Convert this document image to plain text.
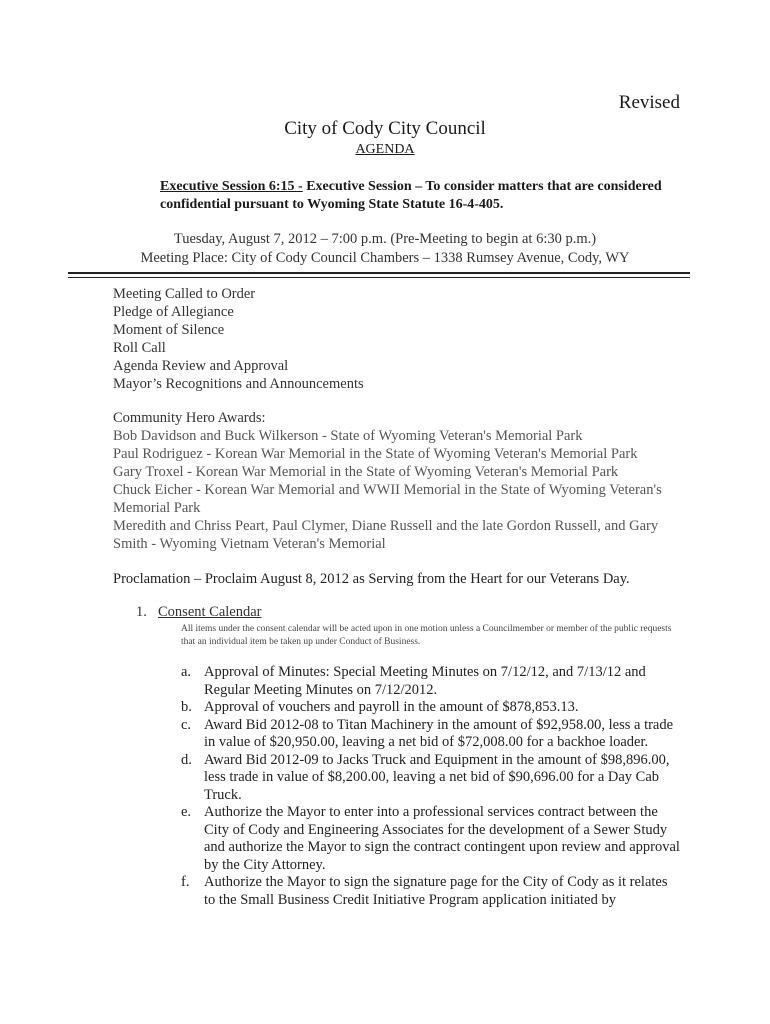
Revised
City of Cody City Council
AGENDA
Executive Session 6:15 - Executive Session – To consider matters that are considered confidential pursuant to Wyoming State Statute 16-4-405.
Tuesday, August 7, 2012 – 7:00 p.m. (Pre-Meeting to begin at 6:30 p.m.)
Meeting Place: City of Cody Council Chambers – 1338 Rumsey Avenue, Cody, WY
Meeting Called to Order
Pledge of Allegiance
Moment of Silence
Roll Call
Agenda Review and Approval
Mayor’s Recognitions and Announcements
Community Hero Awards:
Bob Davidson and Buck Wilkerson - State of Wyoming Veteran's Memorial Park
Paul Rodriguez - Korean War Memorial in the State of Wyoming Veteran's Memorial Park
Gary Troxel - Korean War Memorial in the State of Wyoming Veteran's Memorial Park
Chuck Eicher - Korean War Memorial and WWII Memorial in the State of Wyoming Veteran's Memorial Park
Meredith and Chriss Peart, Paul Clymer, Diane Russell and the late Gordon Russell, and Gary Smith - Wyoming Vietnam Veteran's Memorial
Proclamation – Proclaim August 8, 2012 as Serving from the Heart for our Veterans Day.
1. Consent Calendar
All items under the consent calendar will be acted upon in one motion unless a Councilmember or member of the public requests that an individual item be taken up under Conduct of Business.
a. Approval of Minutes: Special Meeting Minutes on 7/12/12, and 7/13/12 and Regular Meeting Minutes on 7/12/2012.
b. Approval of vouchers and payroll in the amount of $878,853.13.
c. Award Bid 2012-08 to Titan Machinery in the amount of $92,958.00, less a trade in value of $20,950.00, leaving a net bid of $72,008.00 for a backhoe loader.
d. Award Bid 2012-09 to Jacks Truck and Equipment in the amount of $98,896.00, less trade in value of $8,200.00, leaving a net bid of $90,696.00 for a Day Cab Truck.
e. Authorize the Mayor to enter into a professional services contract between the City of Cody and Engineering Associates for the development of a Sewer Study and authorize the Mayor to sign the contract contingent upon review and approval by the City Attorney.
f.	Authorize the Mayor to sign the signature page for the City of Cody as it relates to the Small Business Credit Initiative Program application initiated by
